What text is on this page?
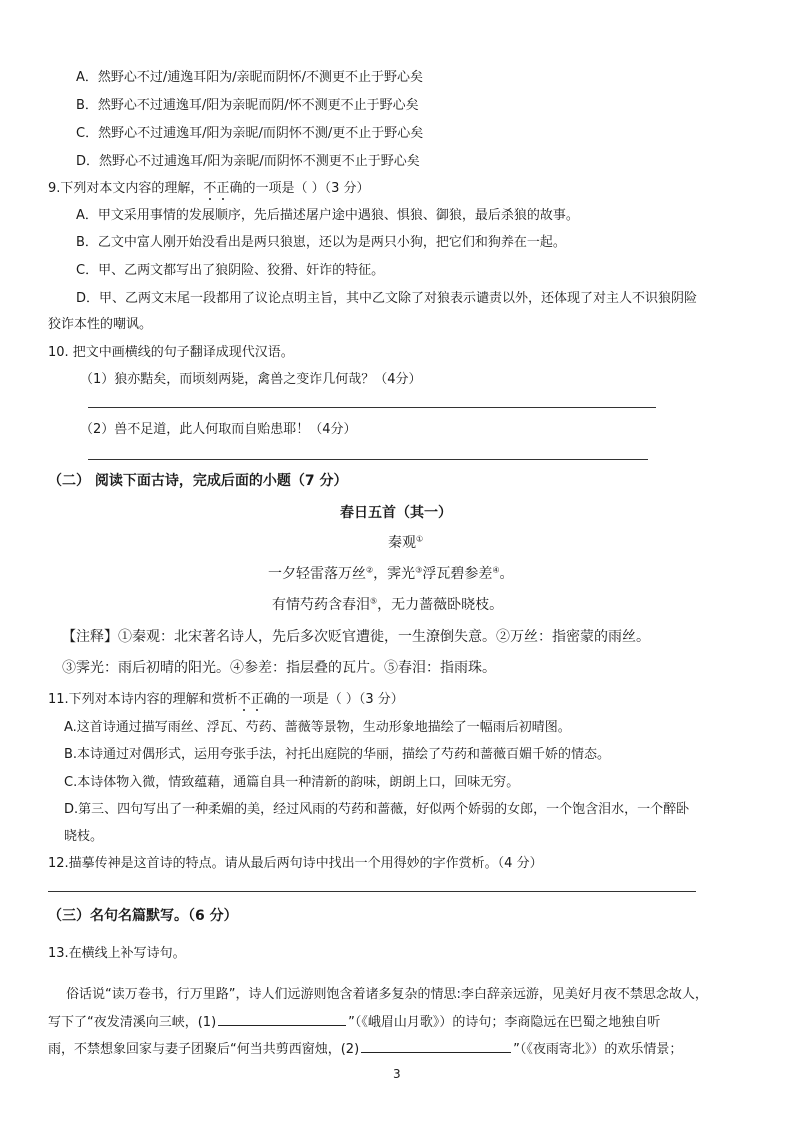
A．然野心不过/逋逸耳阳为/亲昵而阴怀/不测更不止于野心矣
B．然野心不过逋逸耳/阳为亲昵而阴/怀不测更不止于野心矣
C．然野心不过逋逸耳/阳为亲昵/而阴怀不测/更不止于野心矣
D．然野心不过逋逸耳/阳为亲昵/而阴怀不测更不止于野心矣
9.下列对本文内容的理解，不正确的一项是（ ）（3 分）
A．甲文采用事情的发展顺序，先后描述屠户途中遇狼、惧狼、御狼，最后杀狼的故事。
B．乙文中富人刚开始没看出是两只狼崽，还以为是两只小狗，把它们和狗养在一起。
C．甲、乙两文都写出了狼阴险、狡猾、奸诈的特征。
D．甲、乙两文末尾一段都用了议论点明主旨，其中乙文除了对狼表示谴责以外，还体现了对主人不识狼阴险
狡诈本性的嘲讽。
10. 把文中画横线的句子翻译成现代汉语。
（1）狼亦黠矣，而顷刻两毙，禽兽之变诈几何哉？（4分）
（2）兽不足道，此人何取而自贻患耶！（4分）
（二） 阅读下面古诗，完成后面的小题（7 分）
春日五首（其一）
秦观①
一夕轻雷落万丝②，霁光③浮瓦碧参差④。
有情芍药含春泪⑤，无力蔷薇卧晓枝。
【注释】①秦观：北宋著名诗人，先后多次贬官遭徙，一生潦倒失意。②万丝：指密蒙的雨丝。
③霁光：雨后初晴的阳光。④参差：指层叠的瓦片。⑤春泪：指雨珠。
11.下列对本诗内容的理解和赏析不正确的一项是（ ）（3 分）
A.这首诗通过描写雨丝、浮瓦、芍药、蔷薇等景物，生动形象地描绘了一幅雨后初晴图。
B.本诗通过对偶形式，运用夸张手法，衬托出庭院的华丽，描绘了芍药和蔷薇百媚千娇的情态。
C.本诗体物入微，情致蕴藉，通篇自具一种清新的韵味，朗朗上口，回味无穷。
D.第三、四句写出了一种柔媚的美，经过风雨的芍药和蔷薇，好似两个娇弱的女郎，一个饱含泪水，一个醉卧
晓枝。
12.描摹传神是这首诗的特点。请从最后两句诗中找出一个用得妙的字作赏析。（4 分）
（三）名句名篇默写。（6 分）
13.在横线上补写诗句。
俗话说“读万卷书，行万里路”，诗人们远游则饱含着诸多复杂的情思:李白辞亲远游，见美好月夜不禁思念故人，
写下了“夜发清溪向三峡，(1)	”（《峨眉山月歌》）的诗句；李商隐远在巴蜀之地独自听
雨，不禁想象回家与妻子团聚后“何当共剪西窗烛，(2)	”（《夜雨寄北》）的欢乐情景；
3
